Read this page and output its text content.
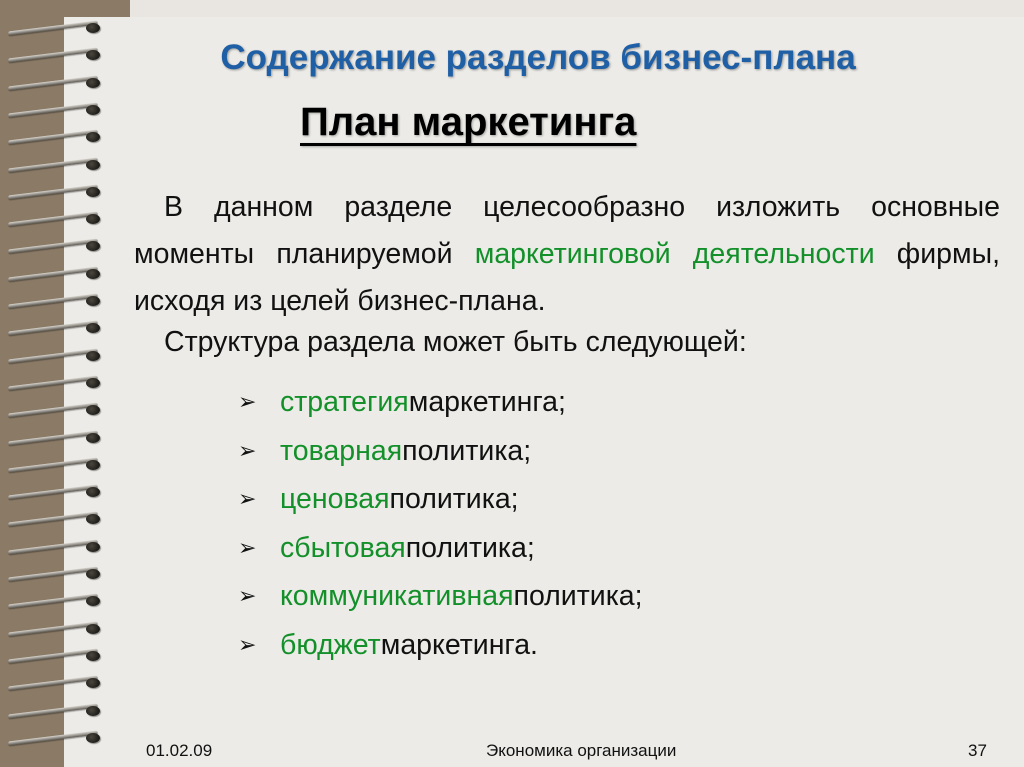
Содержание разделов бизнес-плана
План маркетинга

В данном разделе целесообразно изложить основные моменты планируемой маркетинговой деятельности фирмы, исходя из целей бизнес-плана.

Структура раздела может быть следующей:

➢ стратегия маркетинга;
➢ товарная политика;
➢ ценовая политика;
➢ сбытовая политика;
➢ коммуникативная политика;
➢ бюджет маркетинга.

01.02.09	Экономика организации	37
